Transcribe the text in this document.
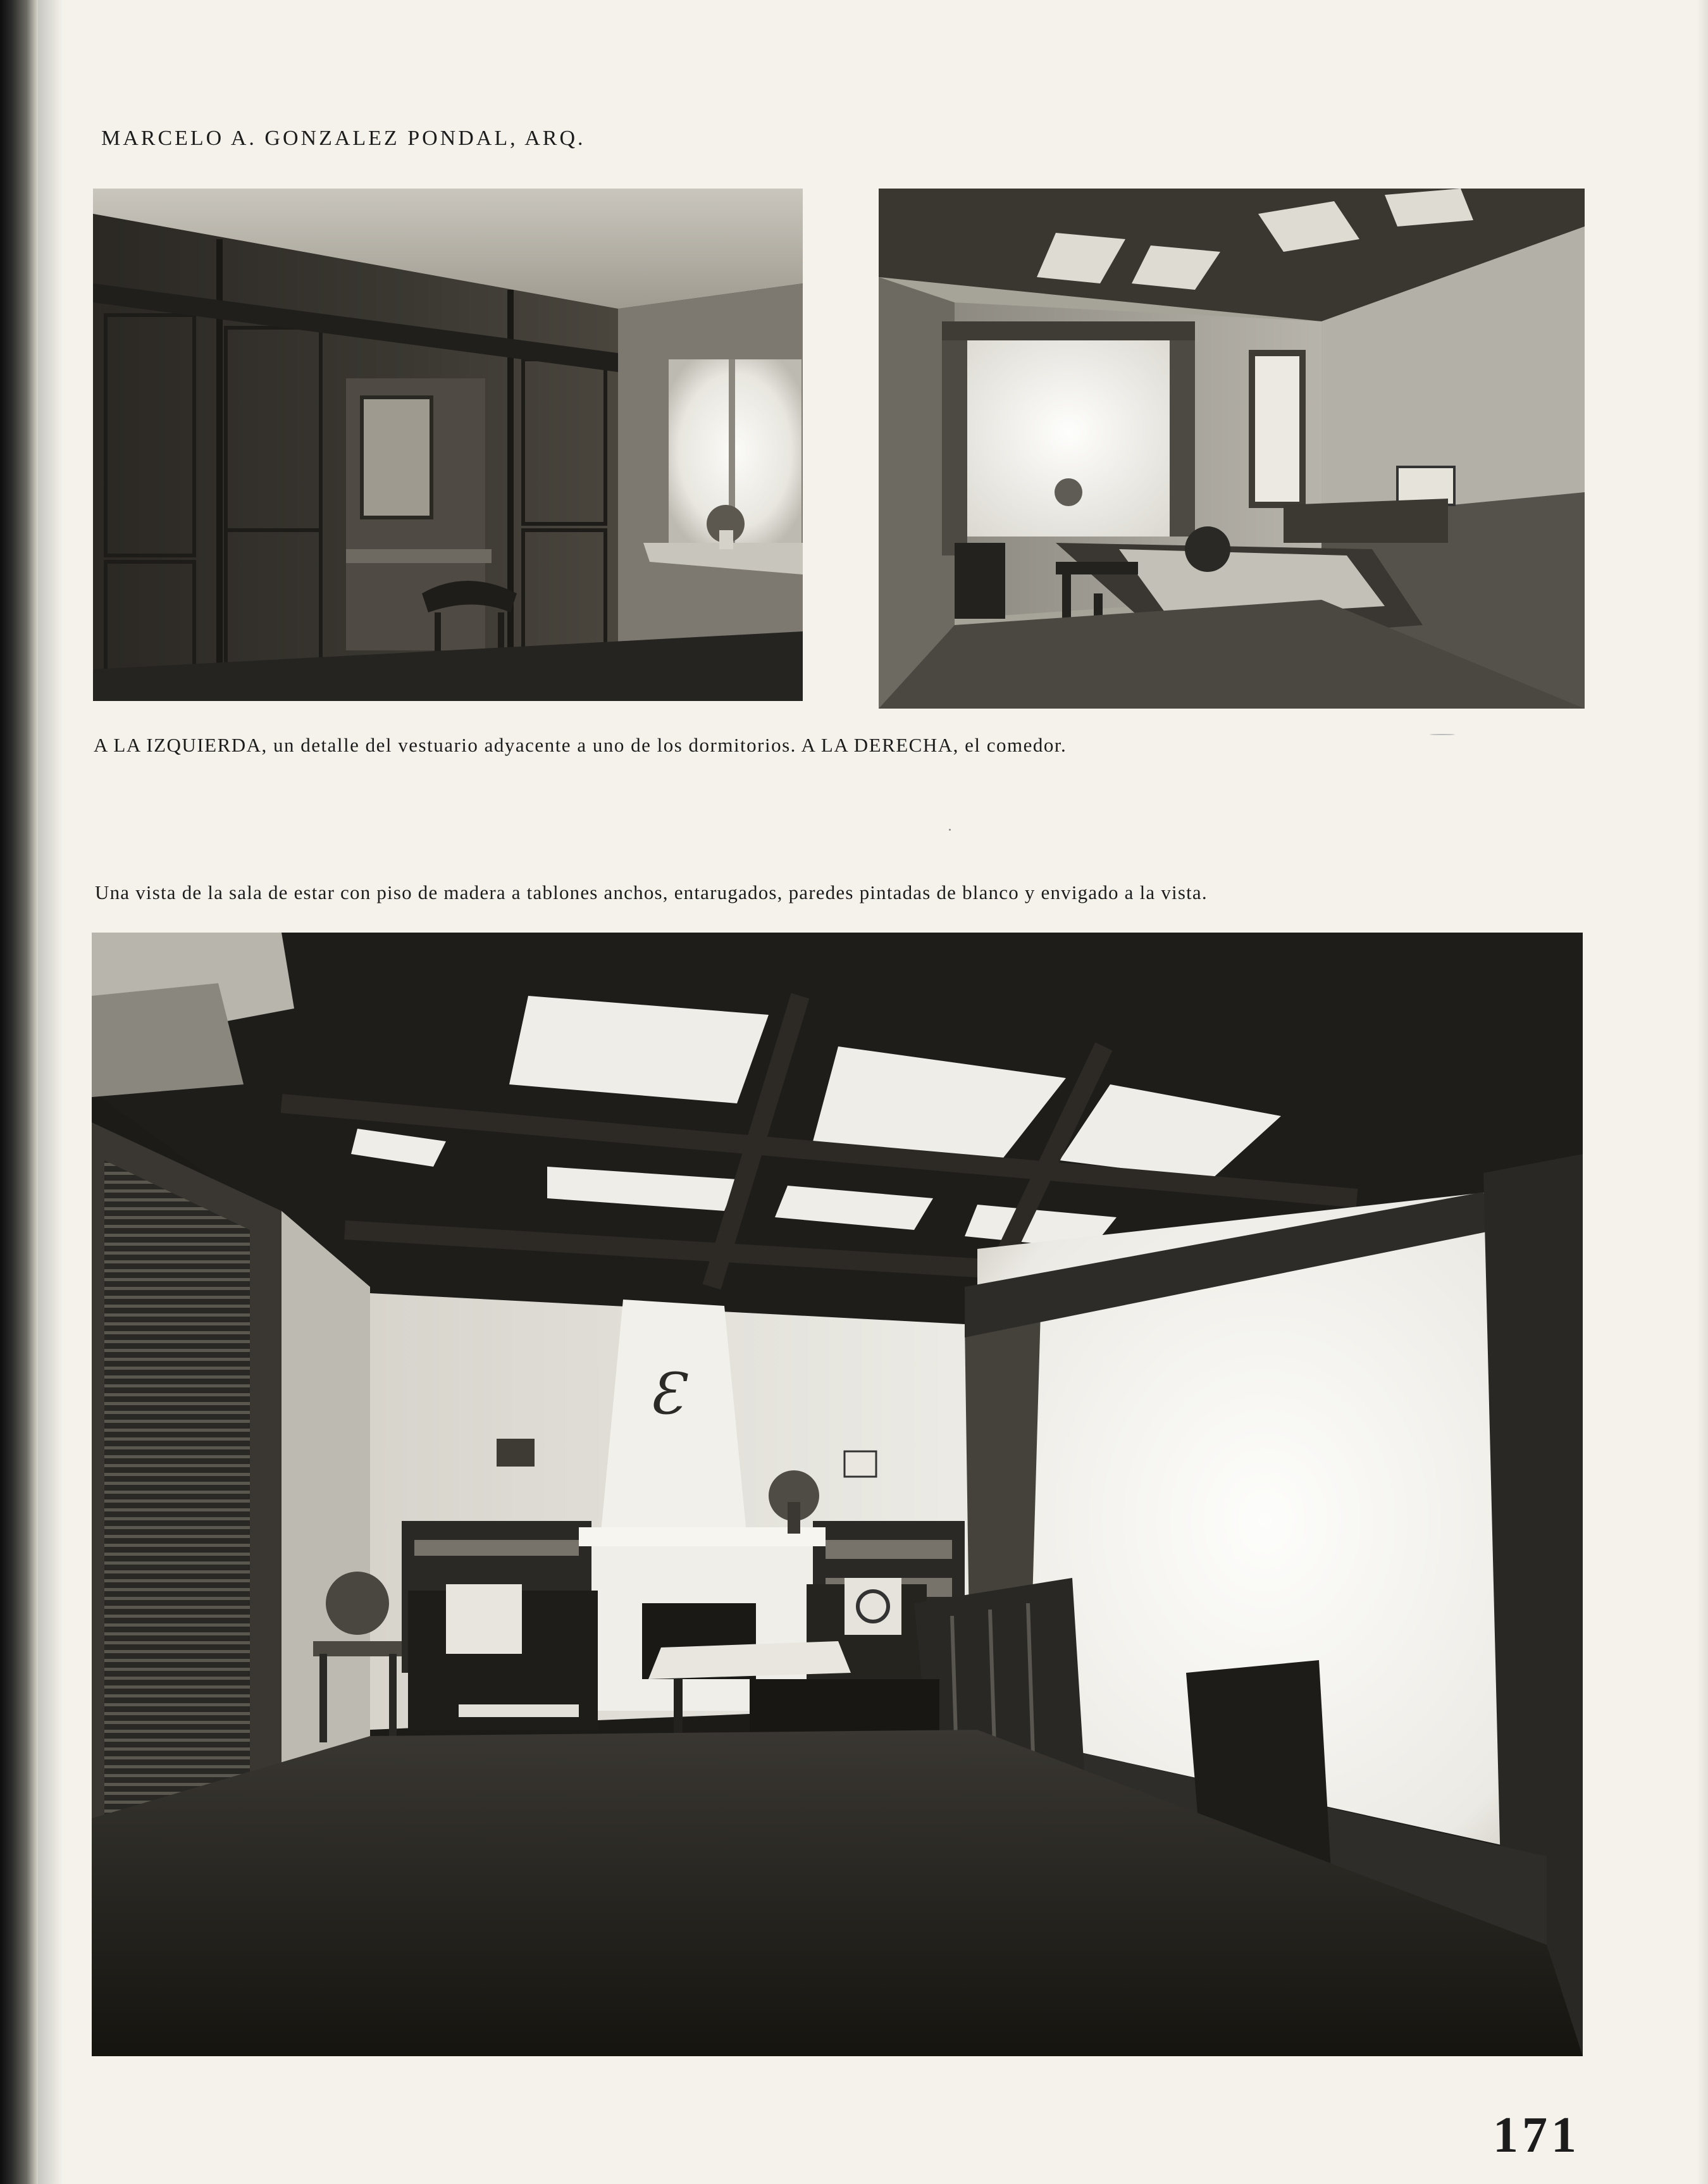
MARCELO A. GONZALEZ PONDAL, ARQ.
A LA IZQUIERDA, un detalle del vestuario adyacente a uno de los dormitorios. A LA DERECHA, el comedor.
Una vista de la sala de estar con piso de madera a tablones anchos, entarugados, paredes pintadas de blanco y envigado a la vista.
Ɛ
171
